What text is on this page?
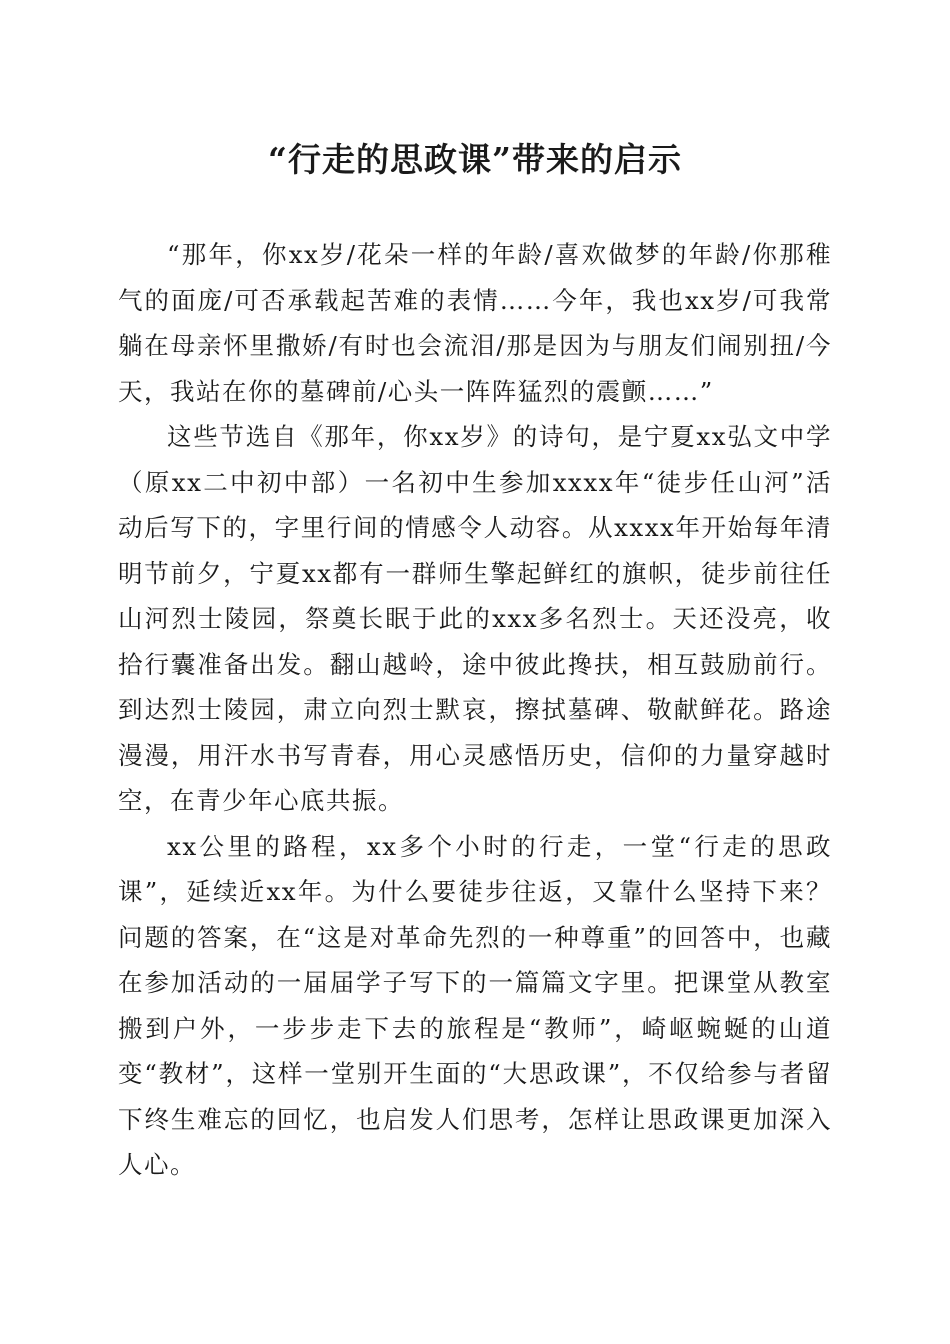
“行走的思政课”带来的启示

“那年，你xx岁/花朵一样的年龄/喜欢做梦的年龄/你那稚气的面庞/可否承载起苦难的表情……今年，我也xx岁/可我常躺在母亲怀里撒娇/有时也会流泪/那是因为与朋友们闹别扭/今天，我站在你的墓碑前/心头一阵阵猛烈的震颤……”

这些节选自《那年，你xx岁》的诗句，是宁夏xx弘文中学（原xx二中初中部）一名初中生参加xxxx年“徒步任山河”活动后写下的，字里行间的情感令人动容。从xxxx年开始每年清明节前夕，宁夏xx都有一群师生擎起鲜红的旗帜，徒步前往任山河烈士陵园，祭奠长眠于此的xxx多名烈士。天还没亮，收拾行囊准备出发。翻山越岭，途中彼此搀扶，相互鼓励前行。到达烈士陵园，肃立向烈士默哀，擦拭墓碑、敬献鲜花。路途漫漫，用汗水书写青春，用心灵感悟历史，信仰的力量穿越时空，在青少年心底共振。

xx公里的路程，xx多个小时的行走，一堂“行走的思政课”，延续近xx年。为什么要徒步往返，又靠什么坚持下来？问题的答案，在“这是对革命先烈的一种尊重”的回答中，也藏在参加活动的一届届学子写下的一篇篇文字里。把课堂从教室搬到户外，一步步走下去的旅程是“教师”，崎岖蜿蜒的山道变“教材”，这样一堂别开生面的“大思政课”，不仅给参与者留下终生难忘的回忆，也启发人们思考，怎样让思政课更加深入人心。
